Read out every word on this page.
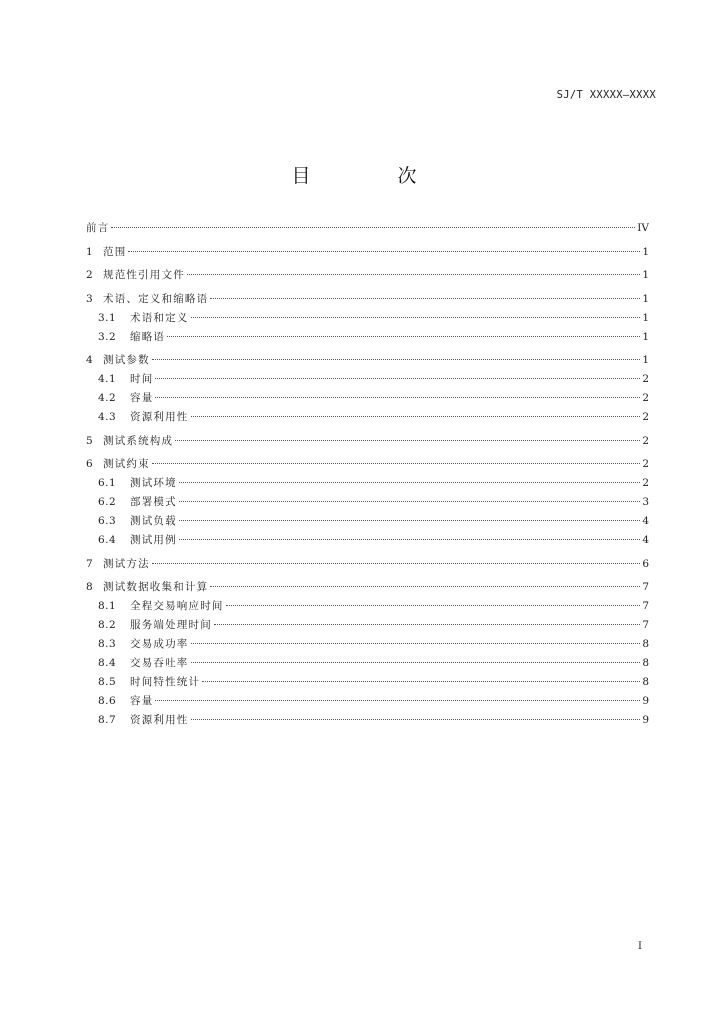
SJ/T XXXXX—XXXX
目　次
前言	IV
1 范围	1
2 规范性引用文件	1
3 术语、定义和缩略语	1
3.1	术语和定义	1
3.2	缩略语	1
4 测试参数	1
4.1	时间	2
4.2	容量	2
4.3	资源利用性	2
5 测试系统构成	2
6 测试约束	2
6.1	测试环境	2
6.2	部署模式	3
6.3	测试负载	4
6.4	测试用例	4
7 测试方法	6
8 测试数据收集和计算	7
8.1	全程交易响应时间	7
8.2	服务端处理时间	7
8.3	交易成功率	8
8.4	交易吞吐率	8
8.5	时间特性统计	8
8.6	容量	9
8.7	资源利用性	9
I
